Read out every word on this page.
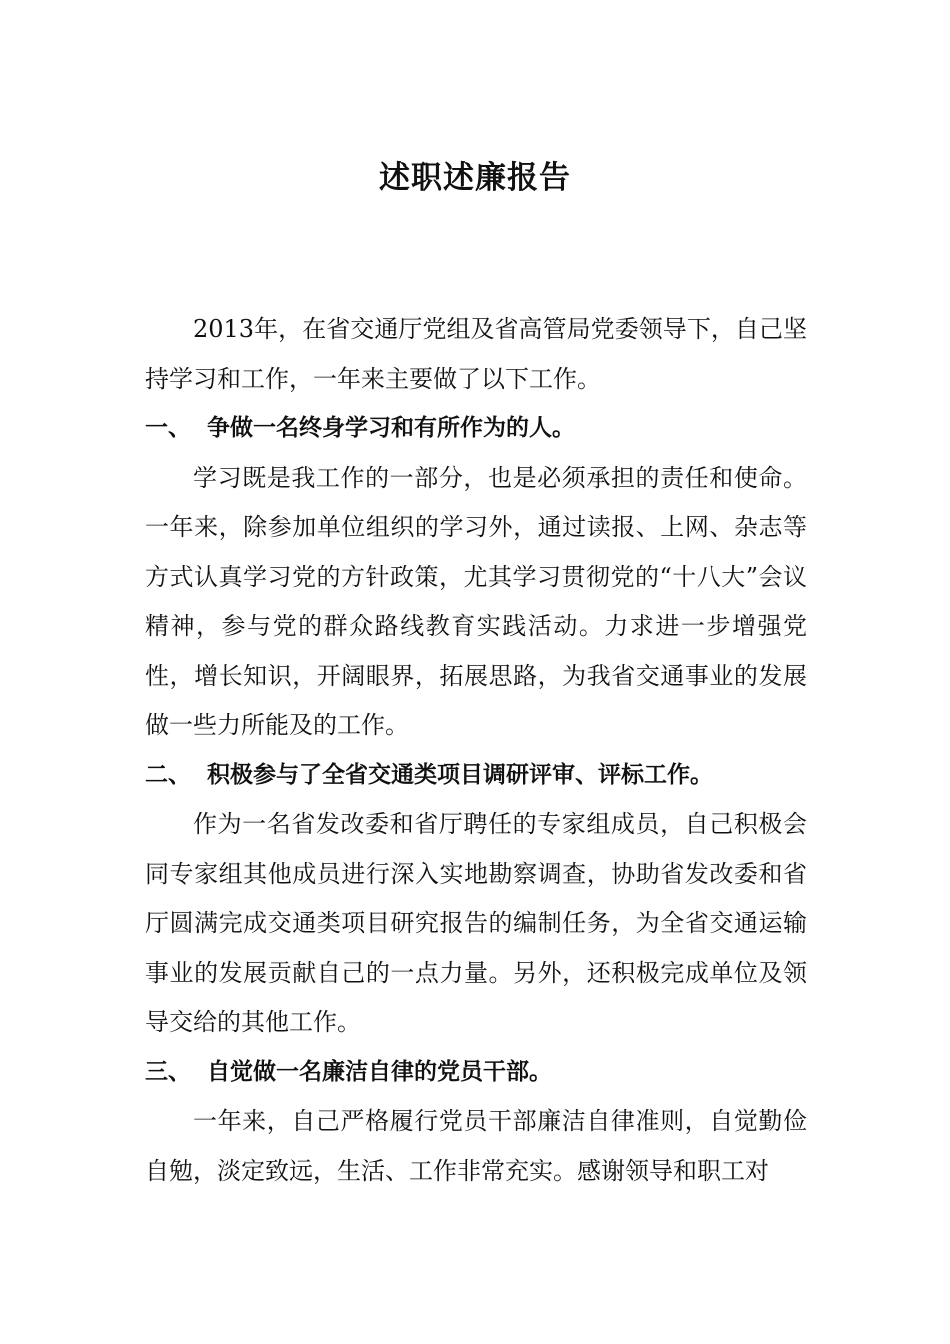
述职述廉报告

2013年，在省交通厅党组及省高管局党委领导下，自己坚持学习和工作，一年来主要做了以下工作。

一、 争做一名终身学习和有所作为的人。

学习既是我工作的一部分，也是必须承担的责任和使命。一年来，除参加单位组织的学习外，通过读报、上网、杂志等方式认真学习党的方针政策，尤其学习贯彻党的“十八大”会议精神，参与党的群众路线教育实践活动。力求进一步增强党性，增长知识，开阔眼界，拓展思路，为我省交通事业的发展做一些力所能及的工作。

二、 积极参与了全省交通类项目调研评审、评标工作。

作为一名省发改委和省厅聘任的专家组成员，自己积极会同专家组其他成员进行深入实地勘察调查，协助省发改委和省厅圆满完成交通类项目研究报告的编制任务，为全省交通运输事业的发展贡献自己的一点力量。另外，还积极完成单位及领导交给的其他工作。

三、 自觉做一名廉洁自律的党员干部。

一年来，自己严格履行党员干部廉洁自律准则，自觉勤俭自勉，淡定致远，生活、工作非常充实。感谢领导和职工对
